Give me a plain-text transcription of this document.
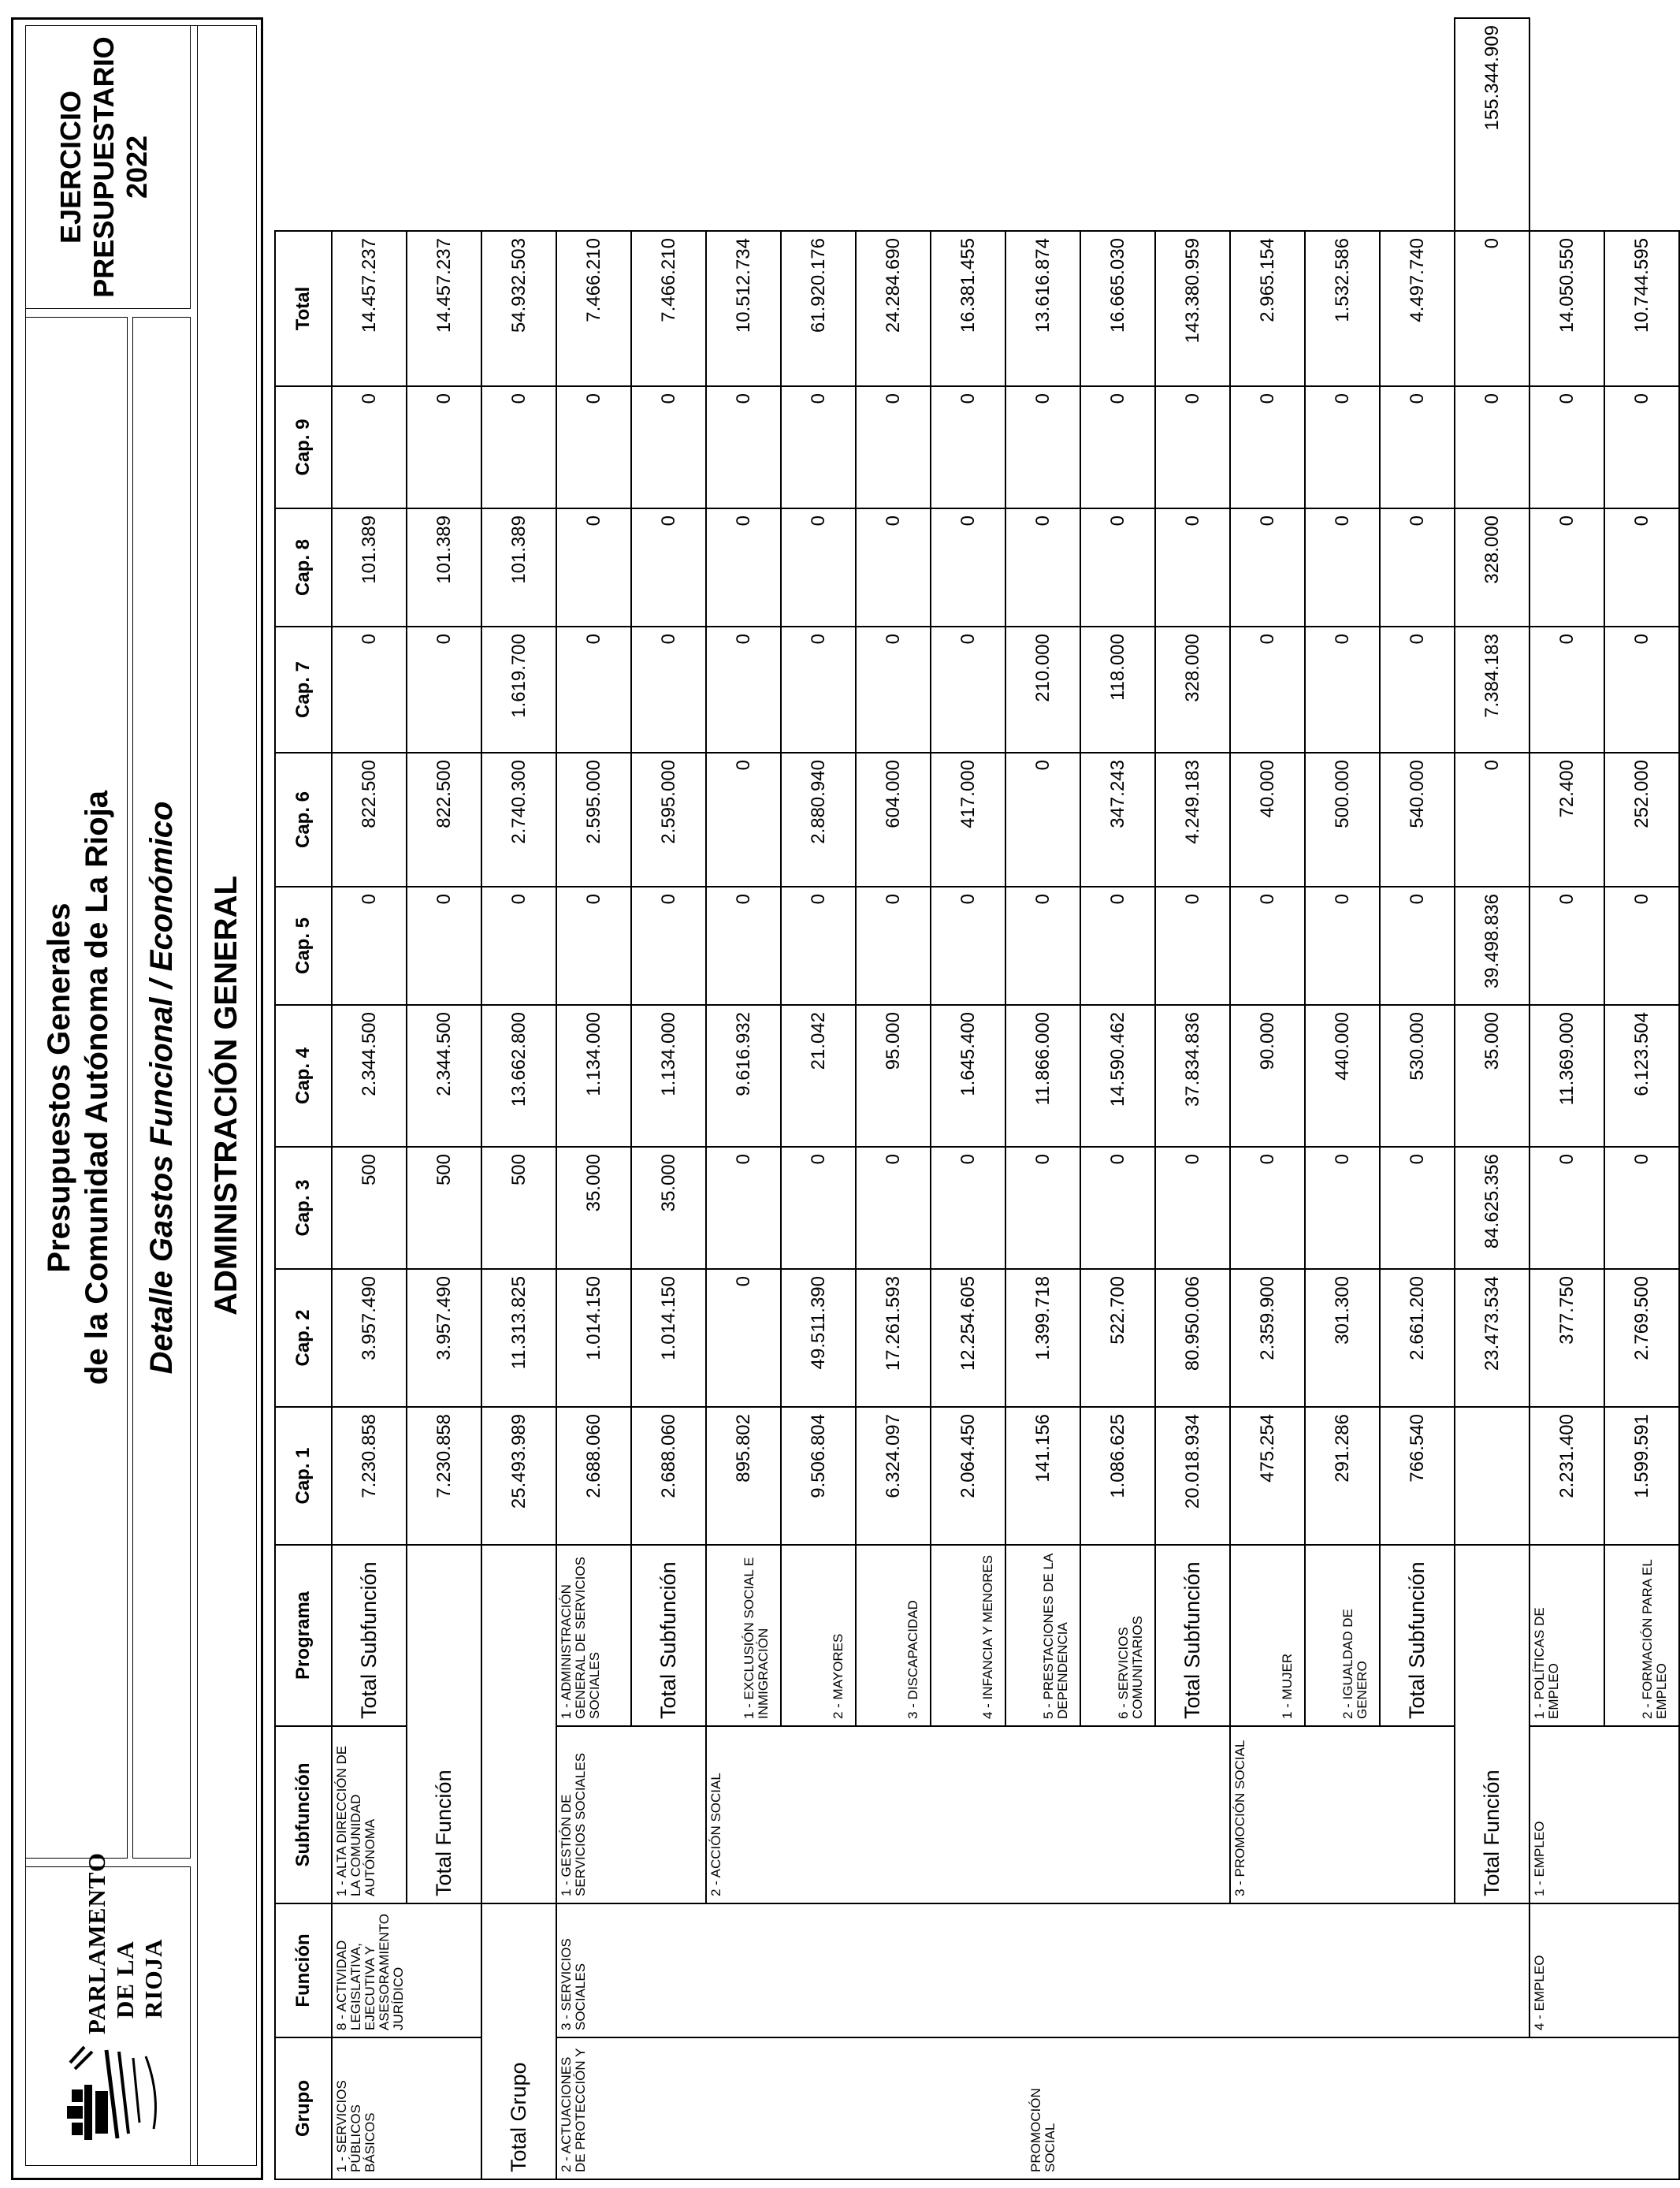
PARLAMENTO DE LA RIOJA
Presupuestos Generales de la Comunidad Autónoma de La Rioja Detalle Gastos Funcional / Económico
EJERCICIO PRESUPUESTARIO 2022
ADMINISTRACIÓN GENERAL
Grupo	Función	Subfunción	Programa	Cap. 1	Cap. 2	Cap. 3	Cap. 4	Cap. 5	Cap. 6	Cap. 7	Cap. 8	Cap. 9	Total	
1 - SERVICIOS PÚBLICOS BÁSICOS	8 - ACTIVIDAD LEGISLATIVA, EJECUTIVA Y ASESORAMIENTO JURÍDICO	1 - ALTA DIRECCIÓN DE LA COMUNIDAD AUTÓNOMA	Total Subfunción	7.230.858	3.957.490	500	2.344.500	0	822.500	0	101.389	0	14.457.237	
		Total Función		7.230.858	3.957.490	500	2.344.500	0	822.500	0	101.389	0	14.457.237	
Total Grupo				25.493.989	11.313.825	500	13.662.800	0	2.740.300	1.619.700	101.389	0	54.932.503	

2 - ACTUACIONES DE PROTECCIÓN Y PROMOCIÓN SOCIAL	3 - SERVICIOS SOCIALES	1 - GESTIÓN DE SERVICIOS SOCIALES	1 - ADMINISTRACIÓN GENERAL DE SERVICIOS SOCIALES	2.688.060	1.014.150	35.000	1.134.000	0	2.595.000	0	0	0	7.466.210	
			Total Subfunción	2.688.060	1.014.150	35.000	1.134.000	0	2.595.000	0	0	0	7.466.210	
		2 - ACCIÓN SOCIAL	1 - EXCLUSIÓN SOCIAL E INMIGRACIÓN	895.802	0	0	9.616.932	0	0	0	0	0	10.512.734	
			2 - MAYORES	9.506.804	49.511.390	0	21.042	0	2.880.940	0	0	0	61.920.176	
			3 - DISCAPACIDAD	6.324.097	17.261.593	0	95.000	0	604.000	0	0	0	24.284.690	
			4 - INFANCIA Y MENORES	2.064.450	12.254.605	0	1.645.400	0	417.000	0	0	0	16.381.455	
			5 - PRESTACIONES DE LA DEPENDENCIA	141.156	1.399.718	0	11.866.000	0	0	210.000	0	0	13.616.874	
			6 - SERVICIOS COMUNITARIOS	1.086.625	522.700	0	14.590.462	0	347.243	118.000	0	0	16.665.030	
			Total Subfunción	20.018.934	80.950.006	0	37.834.836	0	4.249.183	328.000	0	0	143.380.959	
		3 - PROMOCIÓN SOCIAL	1 - MUJER	475.254	2.359.900	0	90.000	0	40.000	0	0	0	2.965.154	
			2 - IGUALDAD DE GENERO	291.286	301.300	0	440.000	0	500.000	0	0	0	1.532.586	
			Total Subfunción	766.540	2.661.200	0	530.000	0	540.000	0	0	0	4.497.740	
		Total Función			23.473.534	84.625.356	35.000	39.498.836	0	7.384.183	328.000	0	0	155.344.909
	4 - EMPLEO	1 - EMPLEO	1 - POLÍTICAS DE EMPLEO	2.231.400	377.750	0	11.369.000	0	72.400	0	0	0	14.050.550	
			2 - FORMACIÓN PARA EL EMPLEO	1.599.591	2.769.500	0	6.123.504	0	252.000	0	0	0	10.744.595	
